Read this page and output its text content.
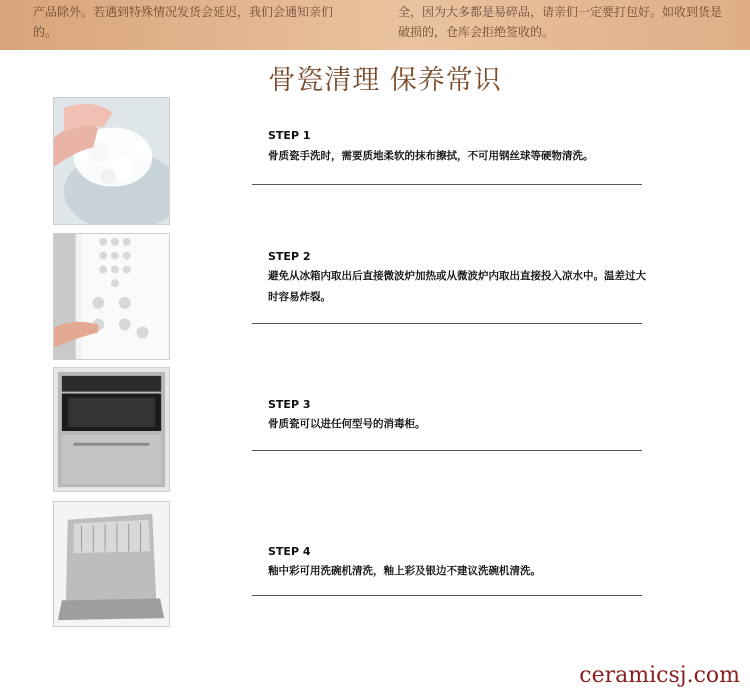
产品除外。若遇到特殊情况发货会延迟，我们会通知亲们的。
全，因为大多都是易碎品，请亲们一定要打包好。如收到货是破损的，仓库会拒绝签收的。
骨瓷清理 保养常识
STEP 1
骨质瓷手洗时，需要质地柔软的抹布擦拭，不可用钢丝球等硬物清洗。
STEP 2
避免从冰箱内取出后直接微波炉加热或从微波炉内取出直接投入凉水中。温差过大时容易炸裂。
STEP 3
骨质瓷可以进任何型号的消毒柜。
STEP 4
釉中彩可用洗碗机清洗，釉上彩及银边不建议洗碗机清洗。
ceramicsj.com
